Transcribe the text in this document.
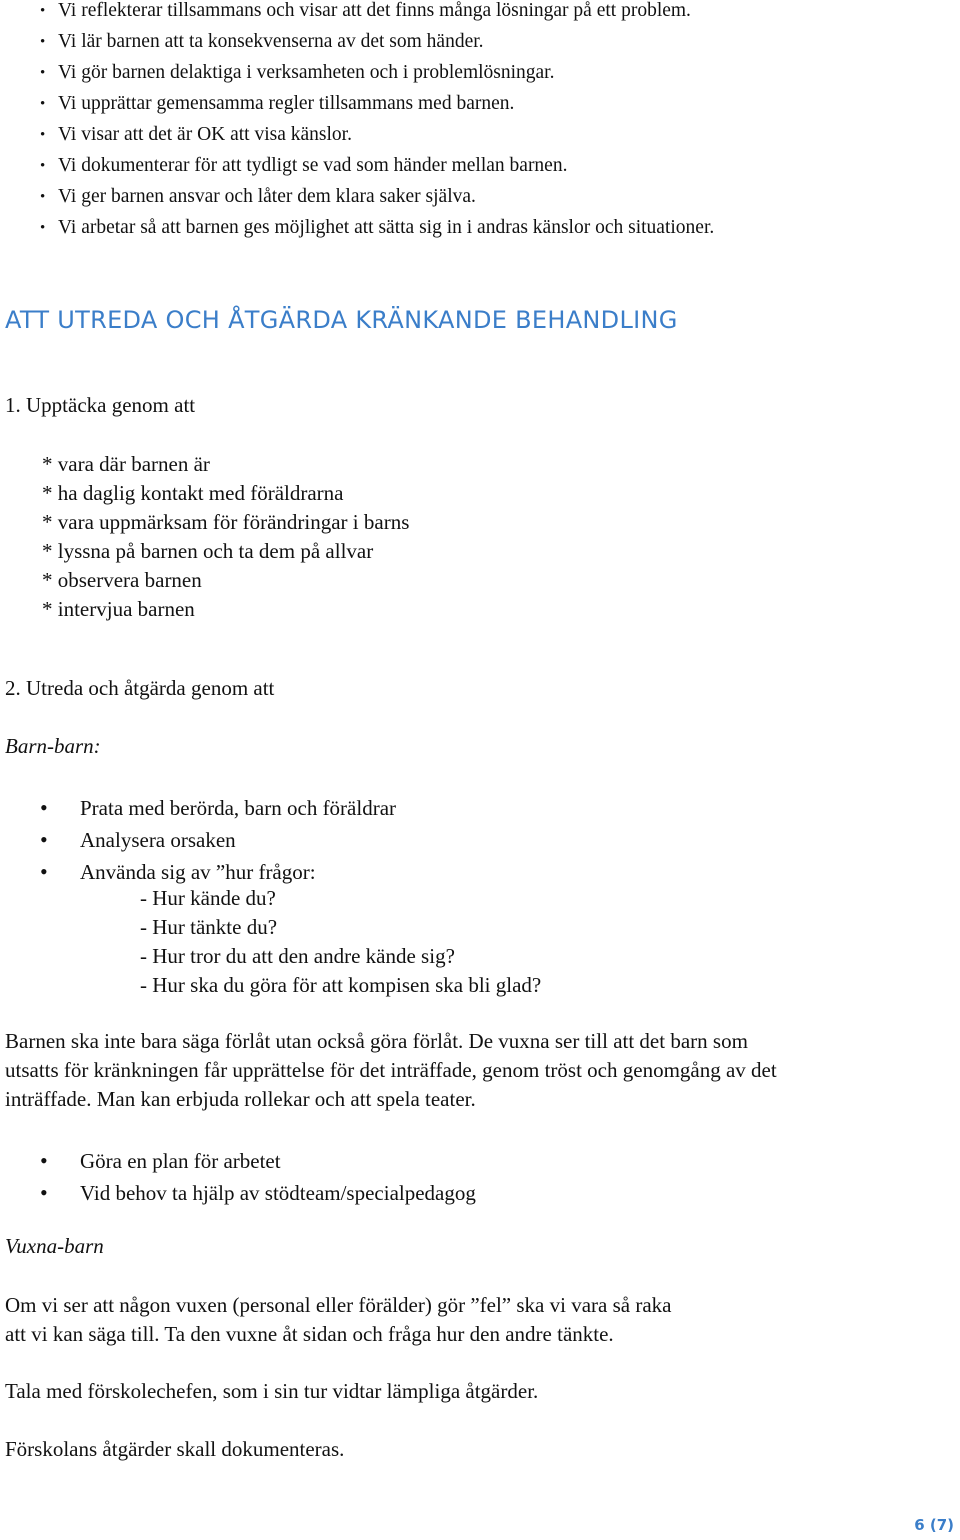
• Vi reflekterar tillsammans och visar att det finns många lösningar på ett problem.
• Vi lär barnen att ta konsekvenserna av det som händer.
• Vi gör barnen delaktiga i verksamheten och i problemlösningar.
• Vi upprättar gemensamma regler tillsammans med barnen.
• Vi visar att det är OK att visa känslor.
• Vi dokumenterar för att tydligt se vad som händer mellan barnen.
• Vi ger barnen ansvar och låter dem klara saker själva.
• Vi arbetar så att barnen ges möjlighet att sätta sig in i andras känslor och situationer.
ATT UTREDA OCH ÅTGÄRDA KRÄNKANDE BEHANDLING
1. Upptäcka genom att
* vara där barnen är
* ha daglig kontakt med föräldrarna
* vara uppmärksam för förändringar i barns
* lyssna på barnen och ta dem på allvar
* observera barnen
* intervjua barnen
2. Utreda och åtgärda genom att
Barn-barn:
•	Prata med berörda, barn och föräldrar
•	Analysera orsaken
•	Använda sig av ”hur frågor:
- Hur kände du?
- Hur tänkte du?
- Hur tror du att den andre kände sig?
- Hur ska du göra för att kompisen ska bli glad?
Barnen ska inte bara säga förlåt utan också göra förlåt. De vuxna ser till att det barn som
utsatts för kränkningen får upprättelse för det inträffade, genom tröst och genomgång av det
inträffade. Man kan erbjuda rollekar och att spela teater.
•	Göra en plan för arbetet
•	Vid behov ta hjälp av stödteam/specialpedagog
Vuxna-barn
Om vi ser att någon vuxen (personal eller förälder) gör ”fel” ska vi vara så raka
att vi kan säga till. Ta den vuxne åt sidan och fråga hur den andre tänkte.
Tala med förskolechefen, som i sin tur vidtar lämpliga åtgärder.
Förskolans åtgärder skall dokumenteras.
6 (7)
